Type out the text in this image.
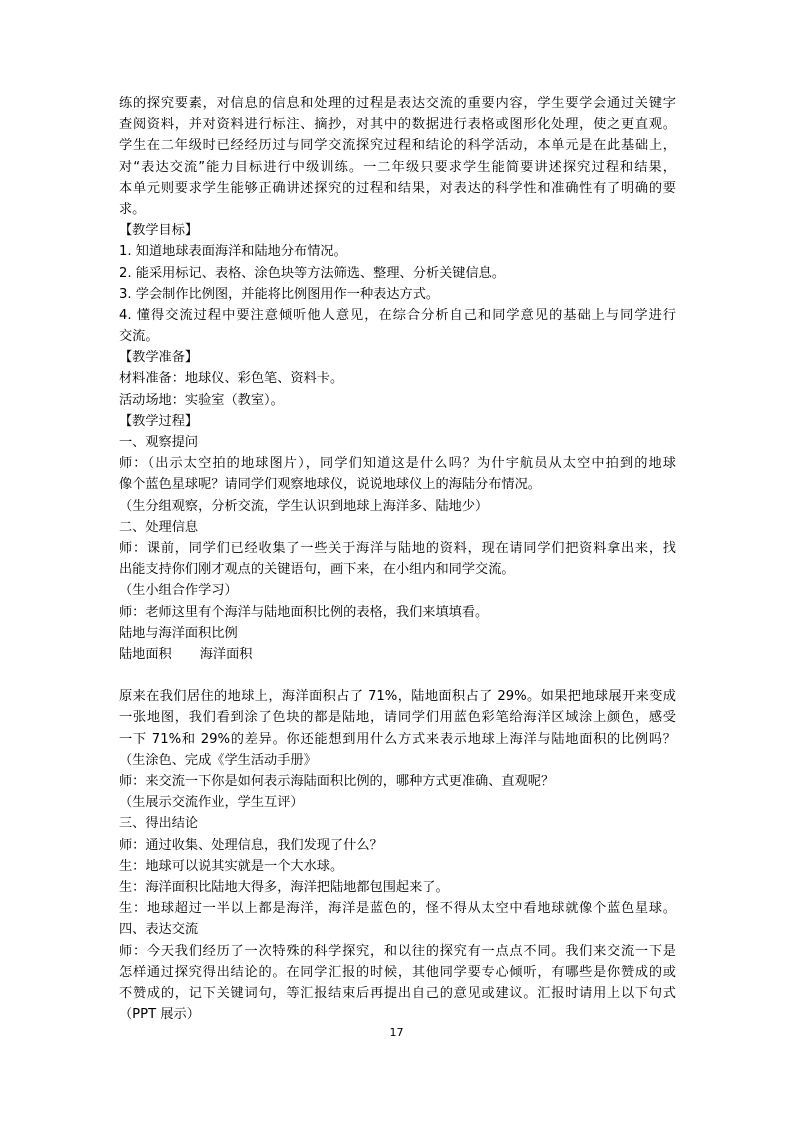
练的探究要素，对信息的信息和处理的过程是表达交流的重要内容，学生要学会通过关键字
查阅资料，并对资料进行标注、摘抄，对其中的数据进行表格或图形化处理，使之更直观。
学生在二年级时已经经历过与同学交流探究过程和结论的科学活动，本单元是在此基础上，
对“表达交流”能力目标进行中级训练。一二年级只要求学生能简要讲述探究过程和结果，
本单元则要求学生能够正确讲述探究的过程和结果，对表达的科学性和准确性有了明确的要
求。
【教学目标】
1. 知道地球表面海洋和陆地分布情况。
2. 能采用标记、表格、涂色块等方法筛选、整理、分析关键信息。
3. 学会制作比例图，并能将比例图用作一种表达方式。
4. 懂得交流过程中要注意倾听他人意见，在综合分析自己和同学意见的基础上与同学进行
交流。
【教学准备】
材料准备：地球仪、彩色笔、资料卡。
活动场地：实验室（教室）。
【教学过程】
一、观察提问
师：（出示太空拍的地球图片），同学们知道这是什么吗？为什宇航员从太空中拍到的地球
像个蓝色星球呢？请同学们观察地球仪，说说地球仪上的海陆分布情况。
（生分组观察，分析交流，学生认识到地球上海洋多、陆地少）
二、处理信息
师：课前，同学们已经收集了一些关于海洋与陆地的资料，现在请同学们把资料拿出来，找
出能支持你们刚才观点的关键语句，画下来，在小组内和同学交流。
（生小组合作学习）
师：老师这里有个海洋与陆地面积比例的表格，我们来填填看。
陆地与海洋面积比例
陆地面积 海洋面积
原来在我们居住的地球上，海洋面积占了 71%，陆地面积占了 29%。如果把地球展开来变成
一张地图，我们看到涂了色块的都是陆地，请同学们用蓝色彩笔给海洋区域涂上颜色，感受
一下 71%和 29%的差异。你还能想到用什么方式来表示地球上海洋与陆地面积的比例吗？
（生涂色、完成《学生活动手册》
师：来交流一下你是如何表示海陆面积比例的，哪种方式更准确、直观呢？
（生展示交流作业，学生互评）
三、得出结论
师：通过收集、处理信息，我们发现了什么？
生：地球可以说其实就是一个大水球。
生：海洋面积比陆地大得多，海洋把陆地都包围起来了。
生：地球超过一半以上都是海洋，海洋是蓝色的，怪不得从太空中看地球就像个蓝色星球。
四、表达交流
师：今天我们经历了一次特殊的科学探究，和以往的探究有一点点不同。我们来交流一下是
怎样通过探究得出结论的。在同学汇报的时候，其他同学要专心倾听，有哪些是你赞成的或
不赞成的，记下关键词句，等汇报结束后再提出自己的意见或建议。汇报时请用上以下句式
（PPT 展示）
17
